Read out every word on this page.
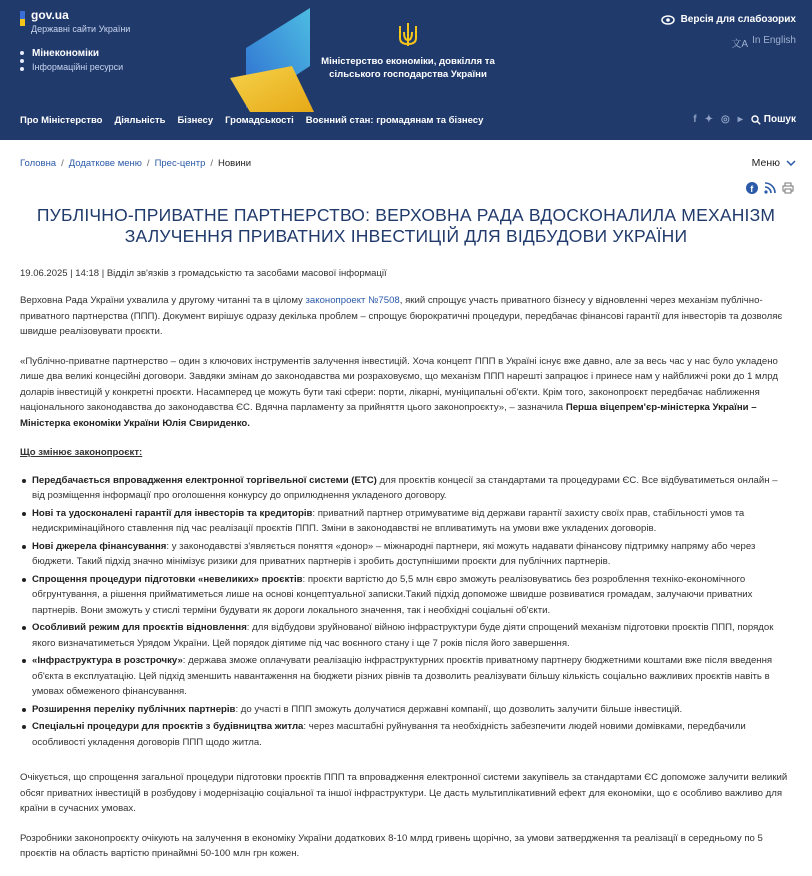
gov.ua
Державні сайти України
Мінекономіки
Інформаційні ресурси	Міністерство економіки, довкілля та сільського господарства України
Версія для слабозорих
文A In English
Про Міністерство Діяльність Бізнесу Громадськості Воєнний стан: громадянам та бізнесу	f ✦ ◎ ▸ Пошук
Головна / Додаткове меню / Прес-центр / Новини	Меню
f
ПУБЛІЧНО-ПРИВАТНЕ ПАРТНЕРСТВО: ВЕРХОВНА РАДА ВДОСКОНАЛИЛА МЕХАНІЗМ ЗАЛУЧЕННЯ ПРИВАТНИХ ІНВЕСТИЦІЙ ДЛЯ ВІДБУДОВИ УКРАЇНИ
19.06.2025 | 14:18 | Відділ зв'язків з громадськістю та засобами масової інформації

Верховна Рада України ухвалила у другому читанні та в цілому законопроект №7508, який спрощує участь приватного бізнесу у відновленні через механізм публічно-приватного партнерства (ППП). Документ вирішує одразу декілька проблем – спрощує бюрократичні процедури, передбачає фінансові гарантії для інвесторів та дозволяє швидше реалізовувати проєкти.

«Публічно-приватне партнерство – один з ключових інструментів залучення інвестицій. Хоча концепт ППП в Україні існує вже давно, але за весь час у нас було укладено лише два великі концесійні договори. Завдяки змінам до законодавства ми розраховуємо, що механізм ППП нарешті запрацює і принесе нам у найближчі роки до 1 млрд доларів інвестицій у конкретні проєкти. Насамперед це можуть бути такі сфери: порти, лікарні, муніципальні об'єкти. Крім того, законопроєкт передбачає наближення національного законодавства до законодавства ЄС. Вдячна парламенту за прийняття цього законопроєкту», – зазначила Перша віцепрем'єр-міністерка України – Міністерка економіки України Юлія Свириденко.

Що змінює законопроєкт:

Передбачається впровадження електронної торгівельної системи (ЕТС) для проєктів концесії за стандартами та процедурами ЄС. Все відбуватиметься онлайн – від розміщення інформації про оголошення конкурсу до оприлюднення укладеного договору.
Нові та удосконалені гарантії для інвесторів та кредиторів: приватний партнер отримуватиме від держави гарантії захисту своїх прав, стабільності умов та недискримінаційного ставлення під час реалізації проєктів ППП. Зміни в законодавстві не впливатимуть на умови вже укладених договорів.
Нові джерела фінансування: у законодавстві з'являється поняття «донор» – міжнародні партнери, які можуть надавати фінансову підтримку напряму або через бюджети. Такий підхід значно мінімізує ризики для приватних партнерів і зробить доступнішими проєкти для публічних партнерів.
Спрощення процедури підготовки «невеликих» проєктів: проєкти вартістю до 5,5 млн євро зможуть реалізовуватись без розроблення техніко-економічного обгрунтування, а рішення прийматиметься лише на основі концептуальної записки.Такий підхід допоможе швидше розвиватися громадам, залучаючи приватних партнерів. Вони зможуть у стислі терміни будувати як дороги локального значення, так і необхідні соціальні об'єкти.
Особливий режим для проєктів відновлення: для відбудови зруйнованої війною інфраструктури буде діяти спрощений механізм підготовки проєктів ППП, порядок якого визначатиметься Урядом України. Цей порядок діятиме під час воєнного стану і ще 7 років після його завершення.
«Інфраструктура в розстрочку»: держава зможе оплачувати реалізацію інфраструктурних проєктів приватному партнеру бюджетними коштами вже після введення об'єкта в експлуатацію. Цей підхід зменшить навантаження на бюджети різних рівнів та дозволить реалізувати більшу кількість соціально важливих проєктів навіть в умовах обмеженого фінансування.
Розширення переліку публічних партнерів: до участі в ППП зможуть долучатися державні компанії, що дозволить залучити більше інвестицій.
Спеціальні процедури для проєктів з будівництва житла: через масштабні руйнування та необхідність забезпечити людей новими домівками, передбачили особливості укладення договорів ППП щодо житла.

Очікується, що спрощення загальної процедури підготовки проєктів ППП та впровадження електронної системи закупівель за стандартами ЄС допоможе залучити великий обсяг приватних інвестицій в розбудову і модернізацію соціальної та іншої інфраструктури. Це дасть мультиплікативний ефект для економіки, що є особливо важливо для країни в сучасних умовах.

Розробники законопроєкту очікують на залучення в економіку України додаткових 8-10 млрд гривень щорічно, за умови затвердження та реалізації в середньому по 5 проєктів на область вартістю принаймні 50-100 млн грн кожен.
